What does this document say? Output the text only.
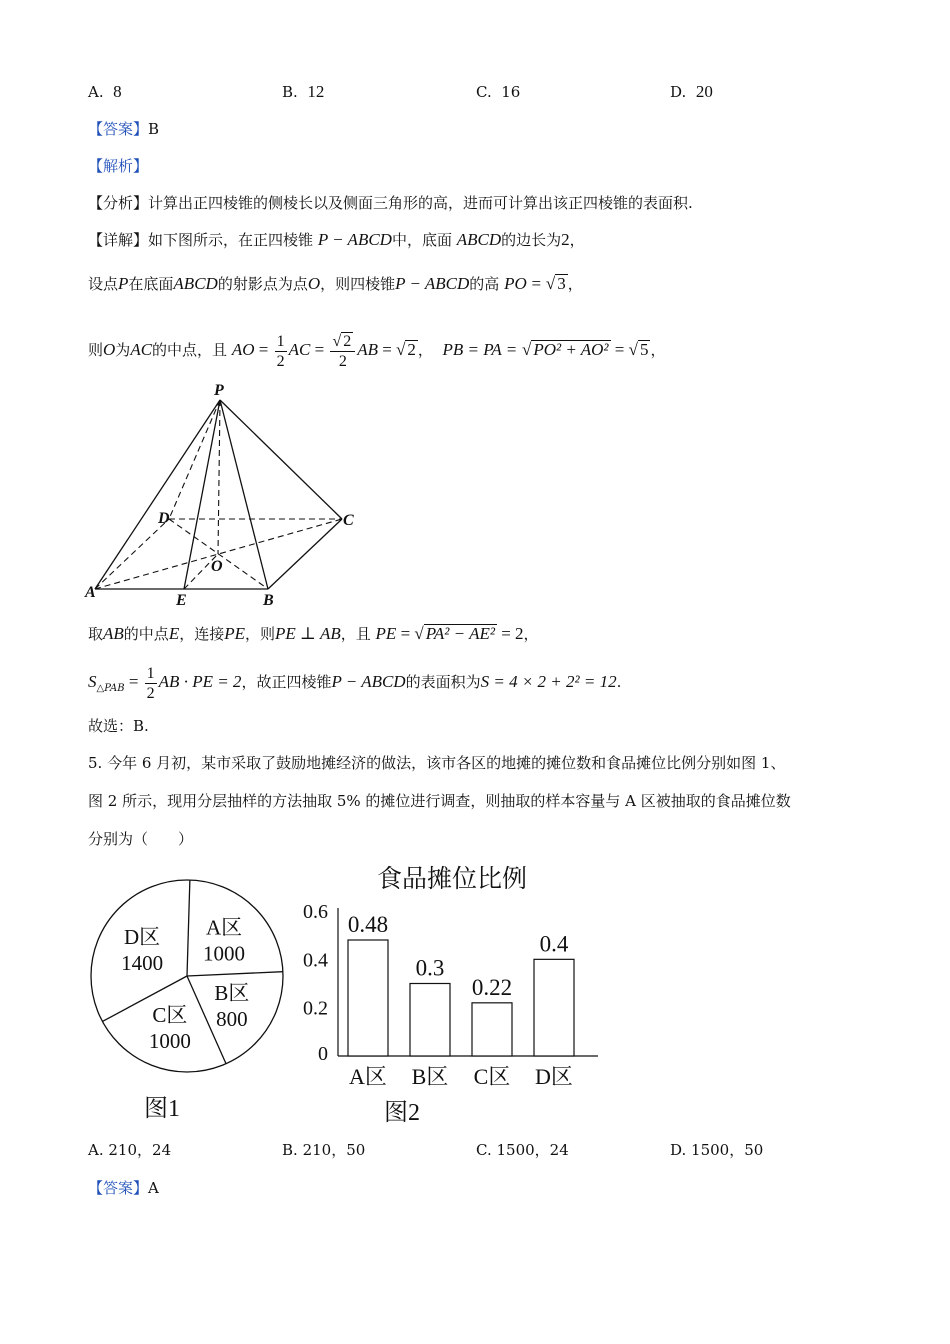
A. 8	B. 12	C. 16	D. 20
【答案】B
【解析】
【分析】计算出正四棱锥的侧棱长以及侧面三角形的高，进而可计算出该正四棱锥的表面积.
【详解】如下图所示，在正四棱锥 P − ABCD中，底面 ABCD的边长为2，
设点P在底面ABCD的射影点为点O，则四棱锥P − ABCD的高 PO = √ 3 ，
则O为AC的中点，且 AO = $\frac{1}{2}$ AC = $\frac{√ 2}{2}$ AB = √ 2 ，  PB = PA = √ PO² + AO² = √ 5 ，
P
D	C
O
A	E	B
取AB的中点E，连接PE，则PE ⊥ AB，且 PE = √ PA² − AE² = 2，
$S_{\triangle PAB} = \frac{1}{2}$ AB · PE = 2，故正四棱锥P − ABCD的表面积为S = 4 × 2 + 2² = 12.
故选：B.
5. 今年 6 月初，某市采取了鼓励地摊经济的做法，该市各区的地摊的摊位数和食品摊位比例分别如图 1、
图 2 所示，现用分层抽样的方法抽取 5% 的摊位进行调查，则抽取的样本容量与 A 区被抽取的食品摊位数
分别为（　　）
A区
1000
B区
800
C区
1000
D区
1400
图1
食品摊位比例
0
0.2
0.4
0.6 0.48
A区
0.3
B区
0.22
C区
0.4
D区
图2
A. 210，24	B. 210，50	C. 1500，24	D. 1500，50
【答案】A
